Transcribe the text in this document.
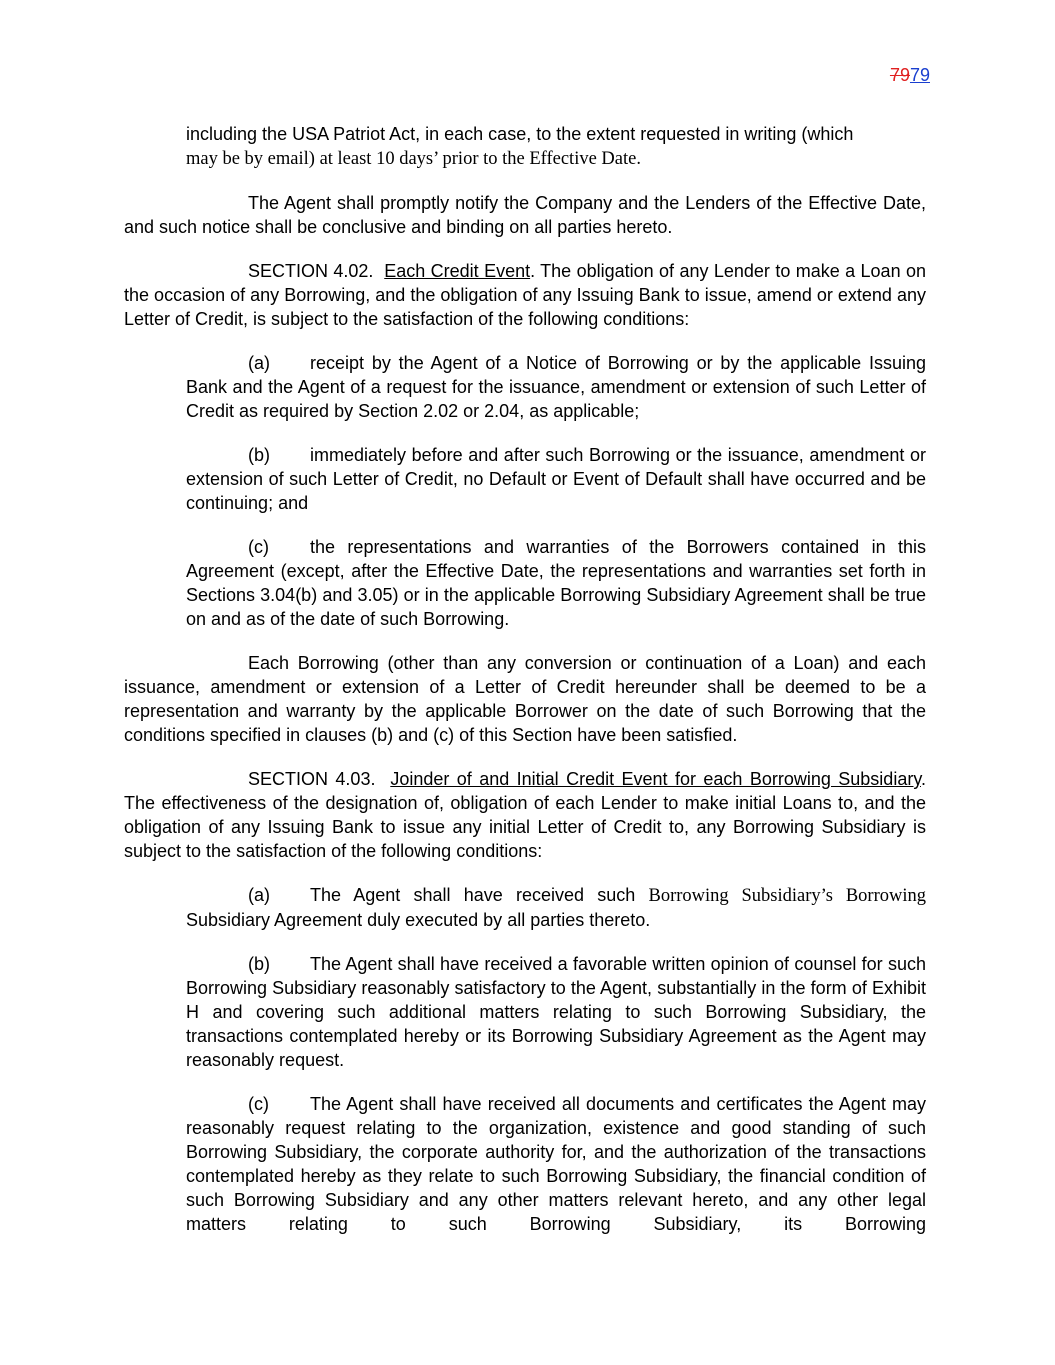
7979

including the USA Patriot Act, in each case, to the extent requested in writing (which
may be by email) at least 10 days’ prior to the Effective Date.

The Agent shall promptly notify the Company and the Lenders of the Effective Date, and such notice shall be conclusive and binding on all parties hereto.

SECTION 4.02. Each Credit Event. The obligation of any Lender to make a Loan on the occasion of any Borrowing, and the obligation of any Issuing Bank to issue, amend or extend any Letter of Credit, is subject to the satisfaction of the following conditions:

(a) receipt by the Agent of a Notice of Borrowing or by the applicable Issuing Bank and the Agent of a request for the issuance, amendment or extension of such Letter of Credit as required by Section 2.02 or 2.04, as applicable;

(b) immediately before and after such Borrowing or the issuance, amendment or extension of such Letter of Credit, no Default or Event of Default shall have occurred and be continuing; and

(c) the representations and warranties of the Borrowers contained in this Agreement (except, after the Effective Date, the representations and warranties set forth in Sections 3.04(b) and 3.05) or in the applicable Borrowing Subsidiary Agreement shall be true on and as of the date of such Borrowing.

Each Borrowing (other than any conversion or continuation of a Loan) and each issuance, amendment or extension of a Letter of Credit hereunder shall be deemed to be a representation and warranty by the applicable Borrower on the date of such Borrowing that the conditions specified in clauses (b) and (c) of this Section have been satisfied.

SECTION 4.03. Joinder of and Initial Credit Event for each Borrowing Subsidiary. The effectiveness of the designation of, obligation of each Lender to make initial Loans to, and the obligation of any Issuing Bank to issue any initial Letter of Credit to, any Borrowing Subsidiary is subject to the satisfaction of the following conditions:

(a) The Agent shall have received such Borrowing Subsidiary’s Borrowing Subsidiary Agreement duly executed by all parties thereto.

(b) The Agent shall have received a favorable written opinion of counsel for such Borrowing Subsidiary reasonably satisfactory to the Agent, substantially in the form of Exhibit H and covering such additional matters relating to such Borrowing Subsidiary, the transactions contemplated hereby or its Borrowing Subsidiary Agreement as the Agent may reasonably request.

(c) The Agent shall have received all documents and certificates the Agent may reasonably request relating to the organization, existence and good standing of such Borrowing Subsidiary, the corporate authority for, and the authorization of the transactions contemplated hereby as they relate to such Borrowing Subsidiary, the financial condition of such Borrowing Subsidiary and any other matters relevant hereto, and any other legal matters relating to such Borrowing Subsidiary, its Borrowing
